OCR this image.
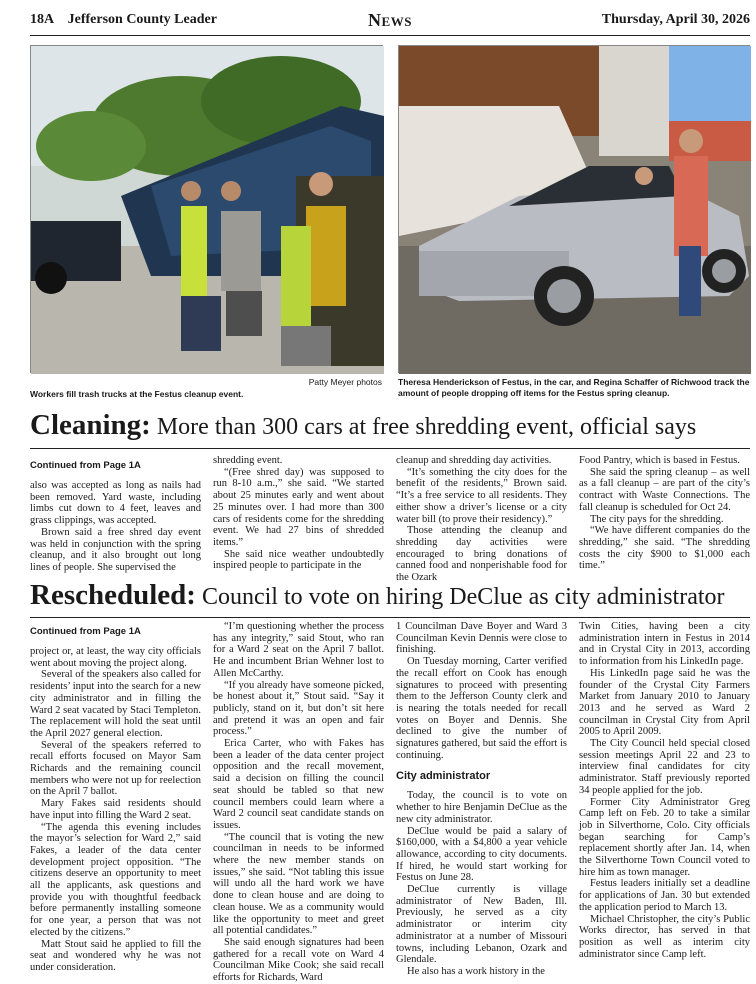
18A Jefferson County Leader	News	Thursday, April 30, 2026
Patty Meyer photos
Workers fill trash trucks at the Festus cleanup event.
Theresa Henderickson of Festus, in the car, and Regina Schaffer of Richwood track the amount of people dropping off items for the Festus spring cleanup.
Cleaning: More than 300 cars at free shredding event, official says
Continued from Page 1A

also was accepted as long as nails had been removed. Yard waste, including limbs cut down to 4 feet, leaves and grass clippings, was accepted.

Brown said a free shred day event was held in conjunction with the spring cleanup, and it also brought out long lines of people. She supervised the

shredding event.

“(Free shred day) was supposed to run 8-10 a.m.,” she said. “We started about 25 minutes early and went about 25 minutes over. I had more than 300 cars of residents come for the shredding event. We had 27 bins of shredded items.”

She said nice weather undoubtedly inspired people to participate in the

cleanup and shredding day activities.

“It’s something the city does for the benefit of the residents,” Brown said. “It’s a free service to all residents. They either show a driver’s license or a city water bill (to prove their residency).”

Those attending the cleanup and shredding day activities were encouraged to bring donations of canned food and nonperishable food for the Ozark

Food Pantry, which is based in Festus.

She said the spring cleanup – as well as a fall cleanup – are part of the city’s contract with Waste Connections. The fall cleanup is scheduled for Oct 24.

The city pays for the shredding.

“We have different companies do the shredding,” she said. “The shredding costs the city $900 to $1,000 each time.”

Rescheduled: Council to vote on hiring DeClue as city administrator
Continued from Page 1A

project or, at least, the way city officials went about moving the project along.

Several of the speakers also called for residents’ input into the search for a new city administrator and in filling the Ward 2 seat vacated by Staci Templeton. The replacement will hold the seat until the April 2027 general election.

Several of the speakers referred to recall efforts focused on Mayor Sam Richards and the remaining council members who were not up for reelection on the April 7 ballot.

Mary Fakes said residents should have input into filling the Ward 2 seat.

“The agenda this evening includes the mayor’s selection for Ward 2,” said Fakes, a leader of the data center development project opposition. “The citizens deserve an opportunity to meet all the applicants, ask questions and provide you with thoughtful feedback before permanently installing someone for one year, a person that was not elected by the citizens.”

Matt Stout said he applied to fill the seat and wondered why he was not under consideration.

“I’m questioning whether the process has any integrity,” said Stout, who ran for a Ward 2 seat on the April 7 ballot. He and incumbent Brian Wehner lost to Allen McCarthy.

“If you already have someone picked, be honest about it,” Stout said. “Say it publicly, stand on it, but don’t sit here and pretend it was an open and fair process.”

Erica Carter, who with Fakes has been a leader of the data center project opposition and the recall movement, said a decision on filling the council seat should be tabled so that new council members could learn where a Ward 2 council seat candidate stands on issues.

“The council that is voting the new councilman in needs to be informed where the new member stands on issues,” she said. “Not tabling this issue will undo all the hard work we have done to clean house and are doing to clean house. We as a community would like the opportunity to meet and greet all potential candidates.”

She said enough signatures had been gathered for a recall vote on Ward 4 Councilman Mike Cook; she said recall efforts for Richards, Ward

1 Councilman Dave Boyer and Ward 3 Councilman Kevin Dennis were close to finishing.

On Tuesday morning, Carter verified the recall effort on Cook has enough signatures to proceed with presenting them to the Jefferson County clerk and is nearing the totals needed for recall votes on Boyer and Dennis. She declined to give the number of signatures gathered, but said the effort is continuing.

City administrator

Today, the council is to vote on whether to hire Benjamin DeClue as the new city administrator.

DeClue would be paid a salary of $160,000, with a $4,800 a year vehicle allowance, according to city documents. If hired, he would start working for Festus on June 28.

DeClue currently is village administrator of New Baden, Ill. Previously, he served as a city administrator or interim city administrator at a number of Missouri towns, including Lebanon, Ozark and Glendale.

He also has a work history in the

Twin Cities, having been a city administration intern in Festus in 2014 and in Crystal City in 2013, according to information from his LinkedIn page.

His LinkedIn page said he was the founder of the Crystal City Farmers Market from January 2010 to January 2013 and he served as Ward 2 councilman in Crystal City from April 2005 to April 2009.

The City Council held special closed session meetings April 22 and 23 to interview final candidates for city administrator. Staff previously reported 34 people applied for the job.

Former City Administrator Greg Camp left on Feb. 20 to take a similar job in Silverthorne, Colo. City officials began searching for Camp’s replacement shortly after Jan. 14, when the Silverthorne Town Council voted to hire him as town manager.

Festus leaders initially set a deadline for applications of Jan. 30 but extended the application period to March 13.

Michael Christopher, the city’s Public Works director, has served in that position as well as interim city administrator since Camp left.
